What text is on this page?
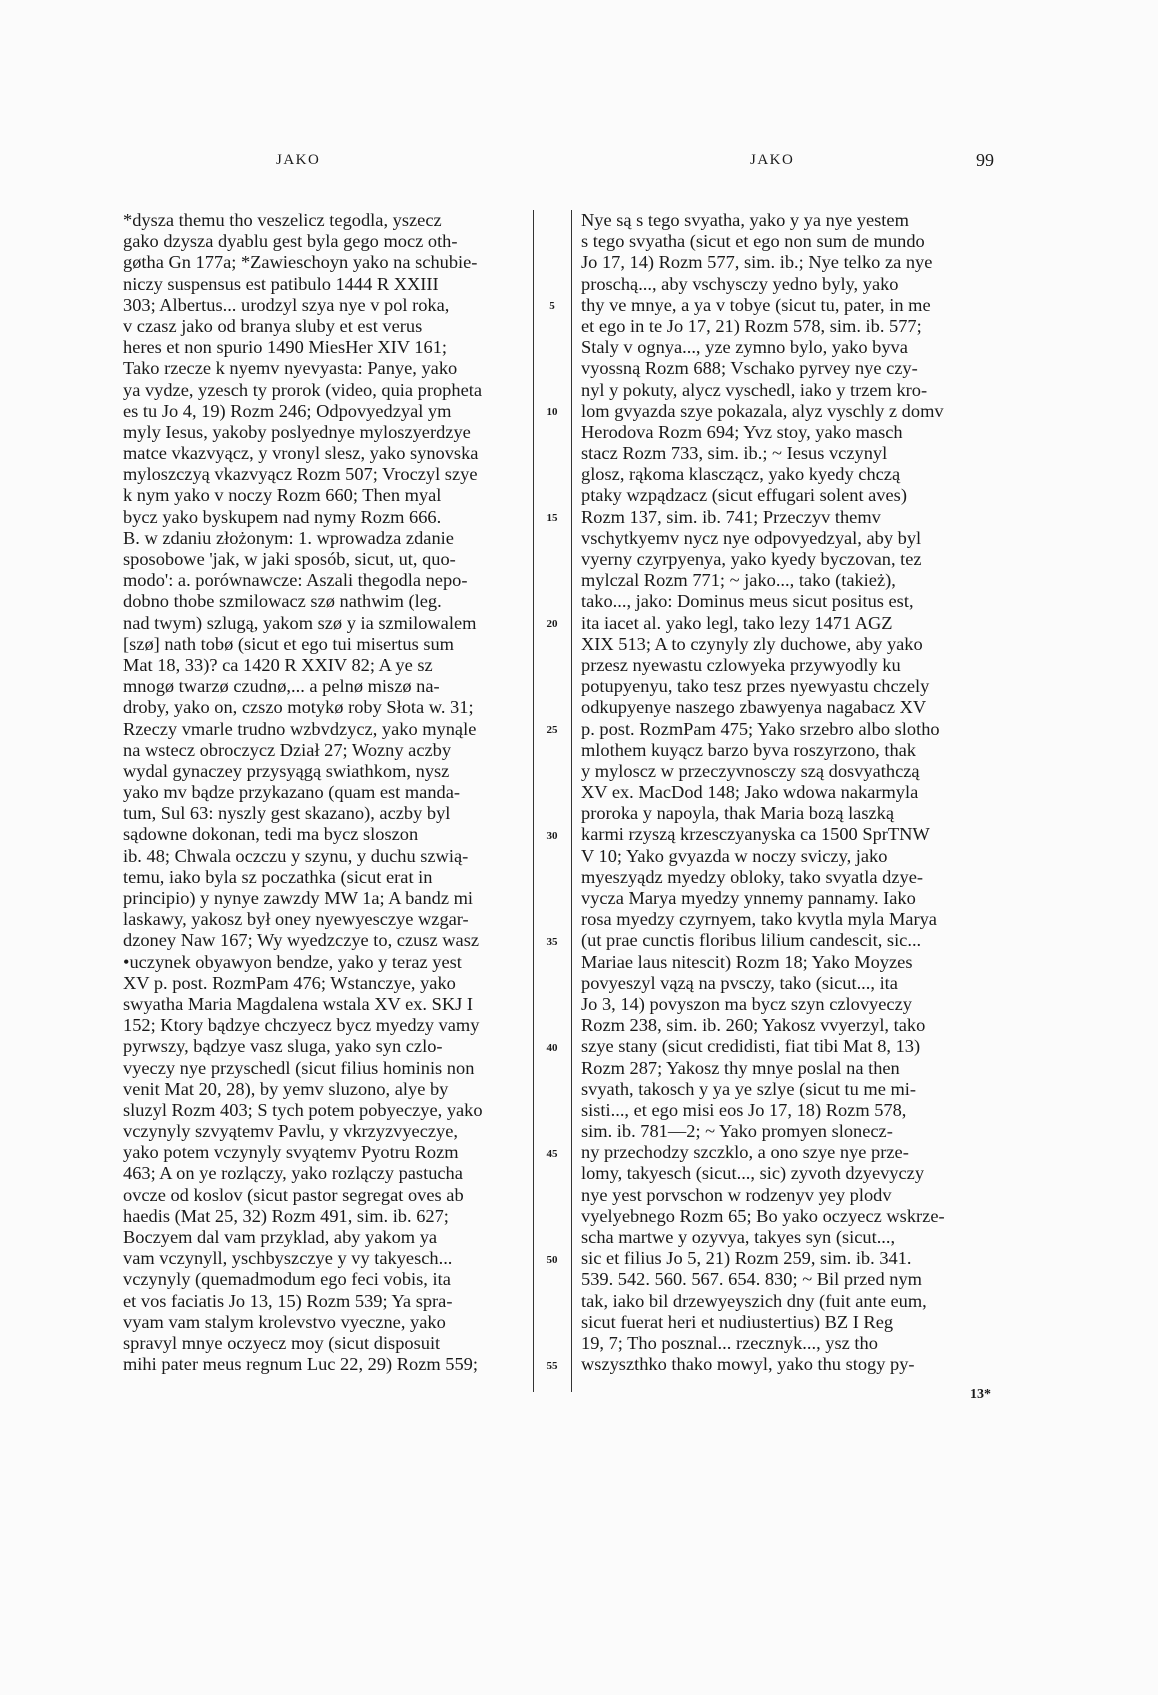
JAKO	JAKO	99
*dysza themu tho veszelicz tegodla, yszecz
gako dzysza dyablu gest byla gego mocz oth-
gøtha Gn 177a; *Zawieschoyn yako na schubie-
niczy suspensus est patibulo 1444 R XXIII
303; Albertus... urodzyl szya nye v pol roka,
v czasz jako od branya sluby et est verus
heres et non spurio 1490 MiesHer XIV 161;
Tako rzecze k nyemv nyevyasta: Panye, yako
ya vydze, yzesch ty prorok (video, quia propheta
es tu Jo 4, 19) Rozm 246; Odpovyedzyal ym
myly Iesus, yakoby poslyednye myloszyerdzye
matce vkazvyącz, y vronyl slesz, yako synovska
myloszczyą vkazvyącz Rozm 507; Vroczyl szye
k nym yako v noczy Rozm 660; Then myal
bycz yako byskupem nad nymy Rozm 666.
B. w zdaniu złożonym: 1. wprowadza zdanie
sposobowe 'jak, w jaki sposób, sicut, ut, quo-
modo': a. porównawcze: Aszali thegodla nepo-
dobno thobe szmilowacz szø nathwim (leg.
nad twym) szlugą, yakom szø y ia szmilowalem
[szø] nath tobø (sicut et ego tui misertus sum
Mat 18, 33)? ca 1420 R XXIV 82; A ye sz
mnogø twarzø czudnø,... a pelnø miszø na-
droby, yako on, czszo motykø roby Słota w. 31;
Rzeczy vmarle trudno wzbvdzycz, yako mynąle
na wstecz obroczycz Dział 27; Wozny aczby
wydal gynaczey przysyągą swiathkom, nysz
yako mv bądze przykazano (quam est manda-
tum, Sul 63: nyszly gest skazano), aczby byl
sądowne dokonan, tedi ma bycz sloszon
ib. 48; Chwala oczczu y szynu, y duchu szwią-
temu, iako byla sz poczathka (sicut erat in
principio) y nynye zawzdy MW 1a; A bandz mi
laskawy, yakosz był oney nyewyesczye wzgar-
dzoney Naw 167; Wy wyedzczye to, czusz wasz
•uczynek obyawyon bendze, yako y teraz yest
XV p. post. RozmPam 476; Wstanczye, yako
swyatha Maria Magdalena wstala XV ex. SKJ I
152; Ktory bądzye chczyecz bycz myedzy vamy
pyrwszy, bądzye vasz sluga, yako syn czlo-
vyeczy nye przyschedl (sicut filius hominis non
venit Mat 20, 28), by yemv sluzono, alye by
sluzyl Rozm 403; S tych potem pobyeczye, yako
vczynyly szvyątemv Pavlu, y vkrzyzvyeczye,
yako potem vczynyly svyątemv Pyotru Rozm
463; A on ye rozlączy, yako rozlączy pastucha
ovcze od koslov (sicut pastor segregat oves ab
haedis (Mat 25, 32) Rozm 491, sim. ib. 627;
Boczyem dal vam przyklad, aby yakom ya
vam vczynyll, yschbyszczye y vy takyesch...
vczynyly (quemadmodum ego feci vobis, ita
et vos faciatis Jo 13, 15) Rozm 539; Ya spra-
vyam vam stalym krolevstvo vyeczne, yako
spravyl mnye oczyecz moy (sicut disposuit
mihi pater meus regnum Luc 22, 29) Rozm 559;
5
10
15
20
25
30
35
40
45
50
55
Nye są s tego svyatha, yako y ya nye yestem
s tego svyatha (sicut et ego non sum de mundo
Jo 17, 14) Rozm 577, sim. ib.; Nye telko za nye
proschą..., aby vschysczy yedno byly, yako
thy ve mnye, a ya v tobye (sicut tu, pater, in me
et ego in te Jo 17, 21) Rozm 578, sim. ib. 577;
Staly v ognya..., yze zymno bylo, yako byva
vyossną Rozm 688; Vschako pyrvey nye czy-
nyl y pokuty, alycz vyschedl, iako y trzem kro-
lom gvyazda szye pokazala, alyz vyschly z domv
Herodova Rozm 694; Yvz stoy, yako masch
stacz Rozm 733, sim. ib.; ~ Iesus vczynyl
glosz, rąkoma klasczącz, yako kyedy chczą
ptaky wzpądzacz (sicut effugari solent aves)
Rozm 137, sim. ib. 741; Przeczyv themv
vschytkyemv nycz nye odpovyedzyal, aby byl
vyerny czyrpyenya, yako kyedy byczovan, tez
mylczal Rozm 771; ~ jako..., tako (takież),
tako..., jako: Dominus meus sicut positus est,
ita iacet al. yako legl, tako lezy 1471 AGZ
XIX 513; A to czynyly zly duchowe, aby yako
przesz nyewastu czlowyeka przywyodly ku
potupyenyu, tako tesz przes nyewyastu chczely
odkupyenye naszego zbawyenya nagabacz XV
p. post. RozmPam 475; Yako srzebro albo slotho
mlothem kuyącz barzo byva roszyrzono, thak
y myloscz w przeczyvnosczy szą dosvyathczą
XV ex. MacDod 148; Jako wdowa nakarmyla
proroka y napoyla, thak Maria bozą laszką
karmi rzyszą krzesczyanyska ca 1500 SprTNW
V 10; Yako gvyazda w noczy sviczy, jako
myeszyądz myedzy obloky, tako svyatla dzye-
vycza Marya myedzy ynnemy pannamy. Iako
rosa myedzy czyrnyem, tako kvytla myla Marya
(ut prae cunctis floribus lilium candescit, sic...
Mariae laus nitescit) Rozm 18; Yako Moyzes
povyeszyl vązą na pvsczy, tako (sicut..., ita
Jo 3, 14) povyszon ma bycz szyn czlovyeczy
Rozm 238, sim. ib. 260; Yakosz vvyerzyl, tako
szye stany (sicut credidisti, fiat tibi Mat 8, 13)
Rozm 287; Yakosz thy mnye poslal na then
svyath, takosch y ya ye szlye (sicut tu me mi-
sisti..., et ego misi eos Jo 17, 18) Rozm 578,
sim. ib. 781—2; ~ Yako promyen slonecz-
ny przechodzy szczklo, a ono szye nye prze-
lomy, takyesch (sicut..., sic) zyvoth dzyevyczy
nye yest porvschon w rodzenyv yey plodv
vyelyebnego Rozm 65; Bo yako oczyecz wskrze-
scha martwe y ozyvya, takyes syn (sicut...,
sic et filius Jo 5, 21) Rozm 259, sim. ib. 341.
539. 542. 560. 567. 654. 830; ~ Bil przed nym
tak, iako bil drzewyeyszich dny (fuit ante eum,
sicut fuerat heri et nudiustertius) BZ I Reg
19, 7; Tho posznal... rzecznyk..., ysz tho
wszyszthko thako mowyl, yako thu stogy py-
13*
